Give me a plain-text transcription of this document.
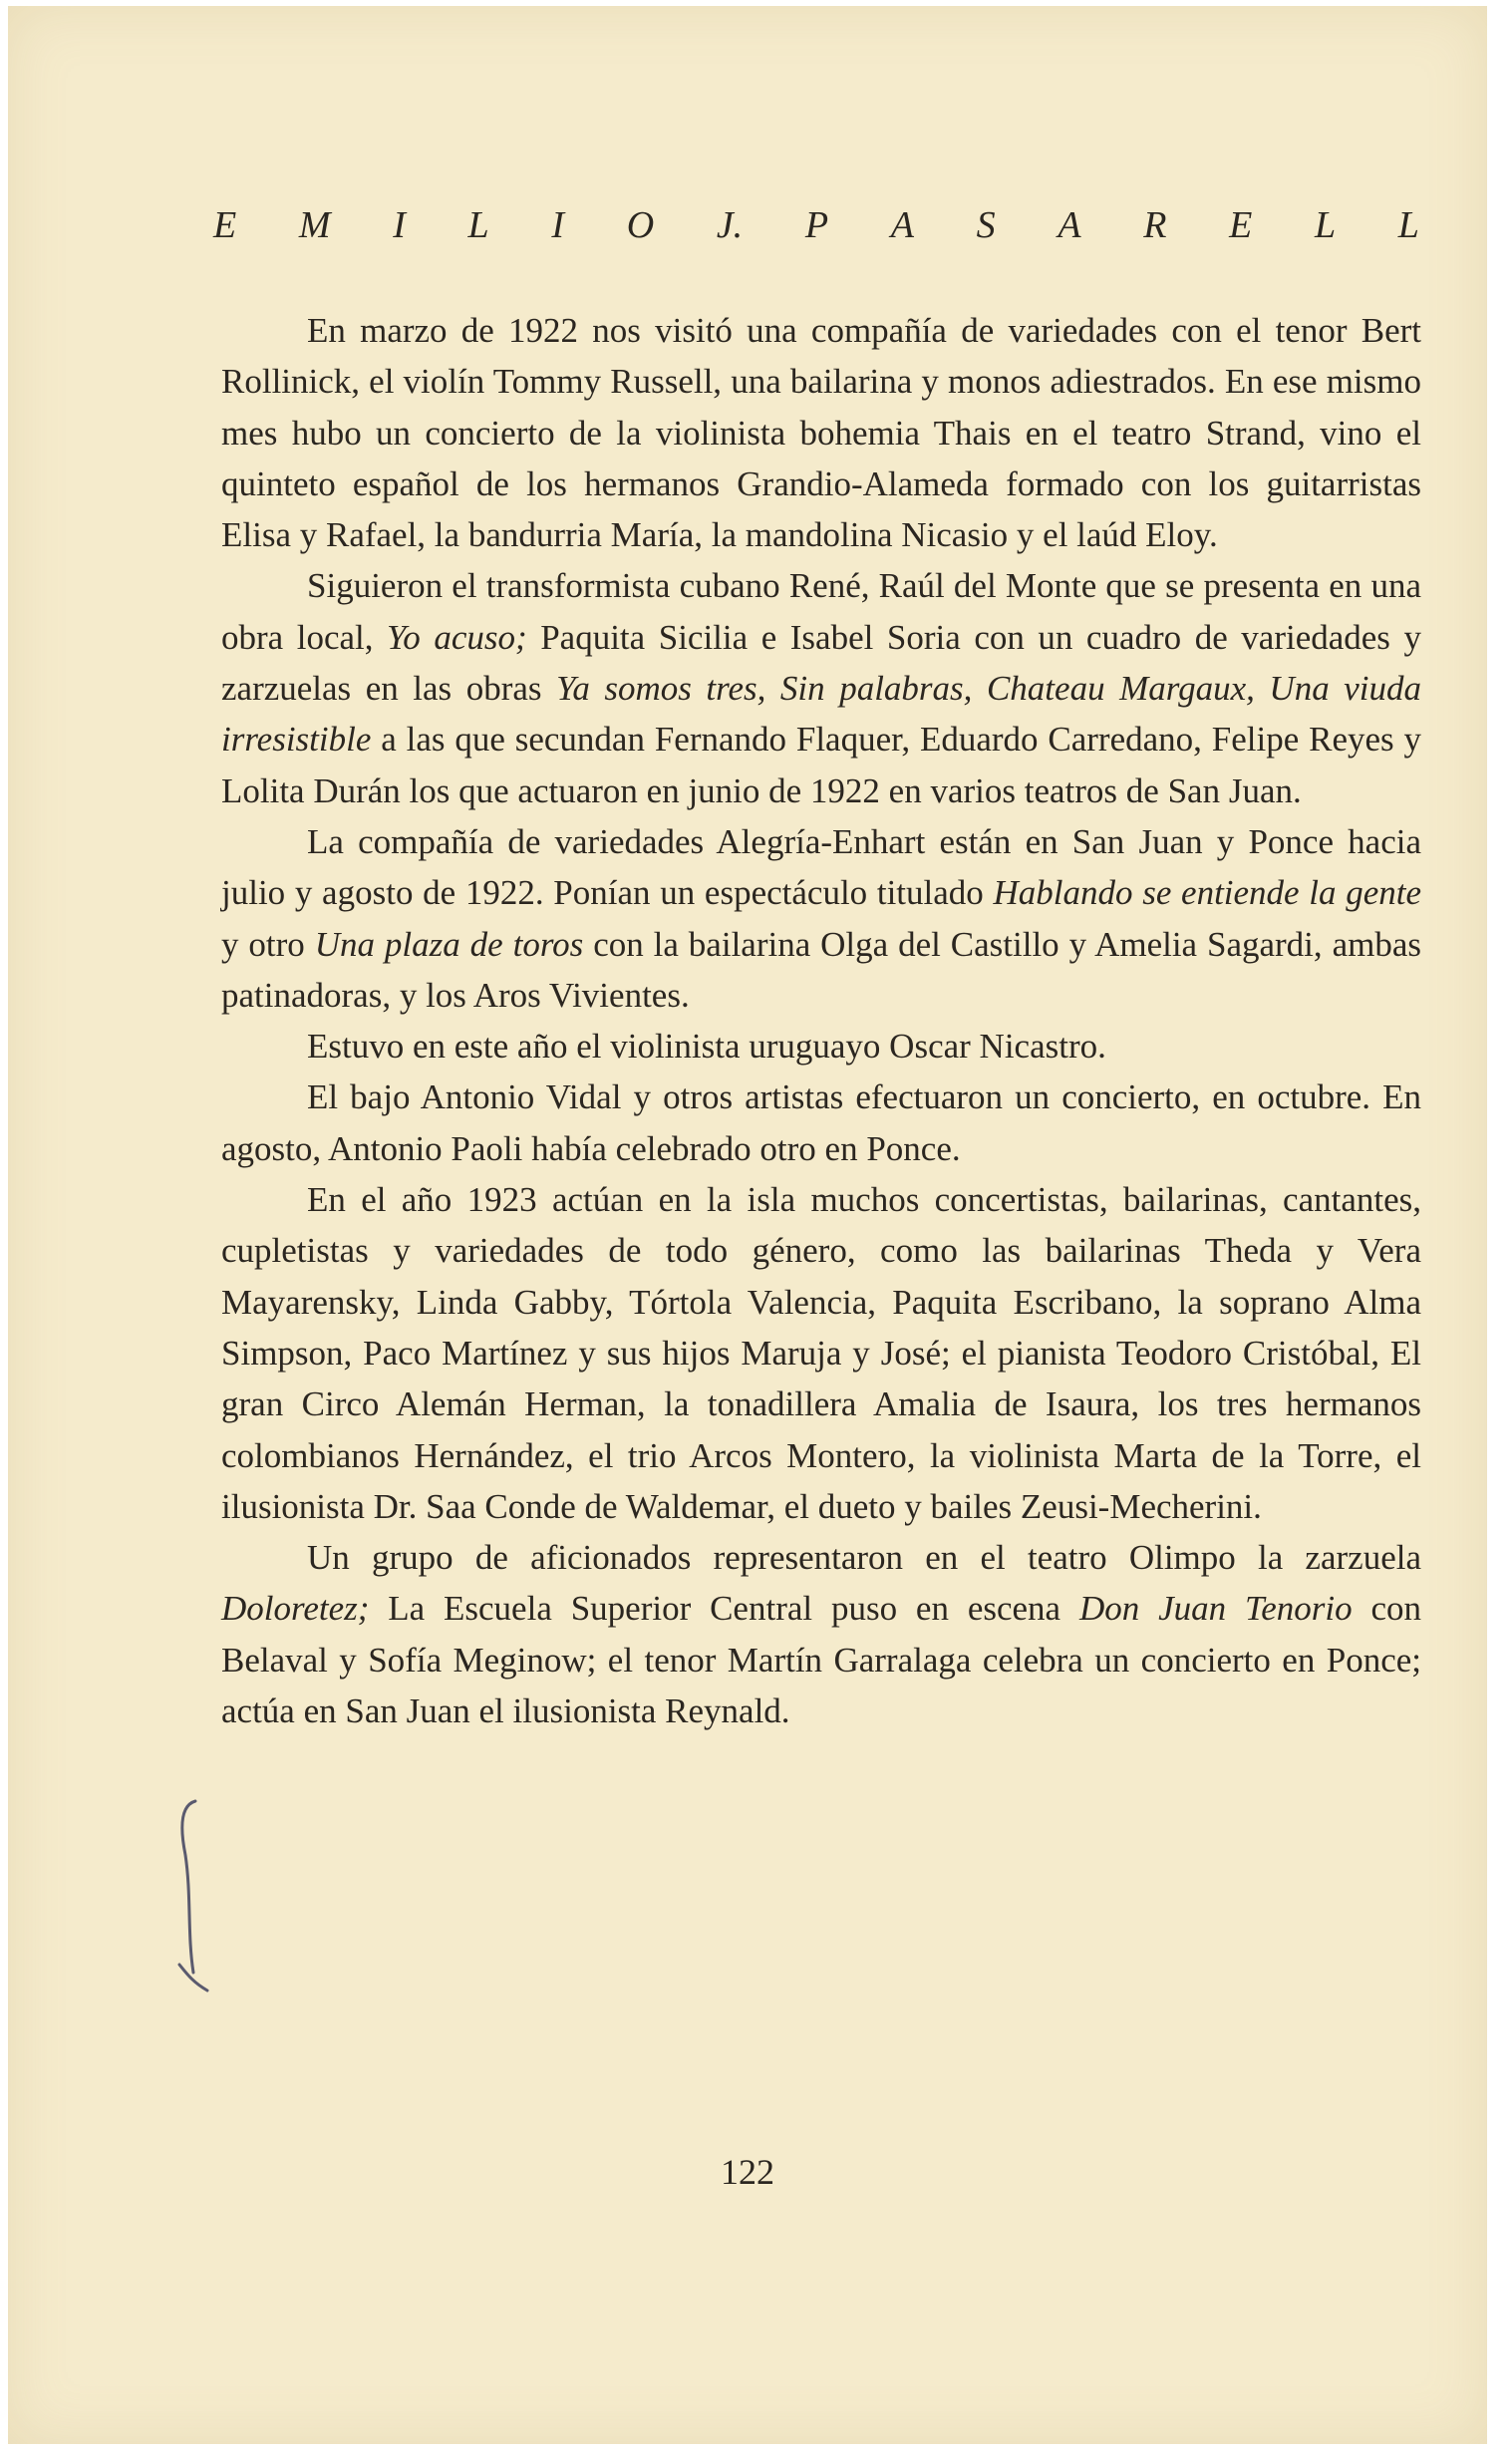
E M I L I O J. P A S A R E L L

En marzo de 1922 nos visitó una compañía de variedades con el tenor Bert Rollinick, el violín Tommy Russell, una bailarina y monos adiestrados. En ese mismo mes hubo un concierto de la violinista bohemia Thais en el teatro Strand, vino el quinteto español de los hermanos Grandio-Alameda formado con los guitarristas Elisa y Rafael, la bandurria María, la mandolina Nicasio y el laúd Eloy.

Siguieron el transformista cubano René, Raúl del Monte que se presenta en una obra local, Yo acuso; Paquita Sicilia e Isabel Soria con un cuadro de variedades y zarzuelas en las obras Ya somos tres, Sin palabras, Chateau Margaux, Una viuda irresistible a las que secundan Fernando Flaquer, Eduardo Carredano, Felipe Reyes y Lolita Durán los que actuaron en junio de 1922 en varios teatros de San Juan.

La compañía de variedades Alegría-Enhart están en San Juan y Ponce hacia julio y agosto de 1922. Ponían un espectáculo titulado Hablando se entiende la gente y otro Una plaza de toros con la bailarina Olga del Castillo y Amelia Sagardi, ambas patinadoras, y los Aros Vivientes.

Estuvo en este año el violinista uruguayo Oscar Nicastro.

El bajo Antonio Vidal y otros artistas efectuaron un concierto, en octubre. En agosto, Antonio Paoli había celebrado otro en Ponce.

En el año 1923 actúan en la isla muchos concertistas, bailarinas, cantantes, cupletistas y variedades de todo género, como las bailarinas Theda y Vera Mayarensky, Linda Gabby, Tórtola Valencia, Paquita Escribano, la soprano Alma Simpson, Paco Martínez y sus hijos Maruja y José; el pianista Teodoro Cristóbal, El gran Circo Alemán Herman, la tonadillera Amalia de Isaura, los tres hermanos colombianos Hernández, el trio Arcos Montero, la violinista Marta de la Torre, el ilusionista Dr. Saa Conde de Waldemar, el dueto y bailes Zeusi-Mecherini.

Un grupo de aficionados representaron en el teatro Olimpo la zarzuela Doloretez; La Escuela Superior Central puso en escena Don Juan Tenorio con Belaval y Sofía Meginow; el tenor Martín Garralaga celebra un concierto en Ponce; actúa en San Juan el ilusionista Reynald.

122
